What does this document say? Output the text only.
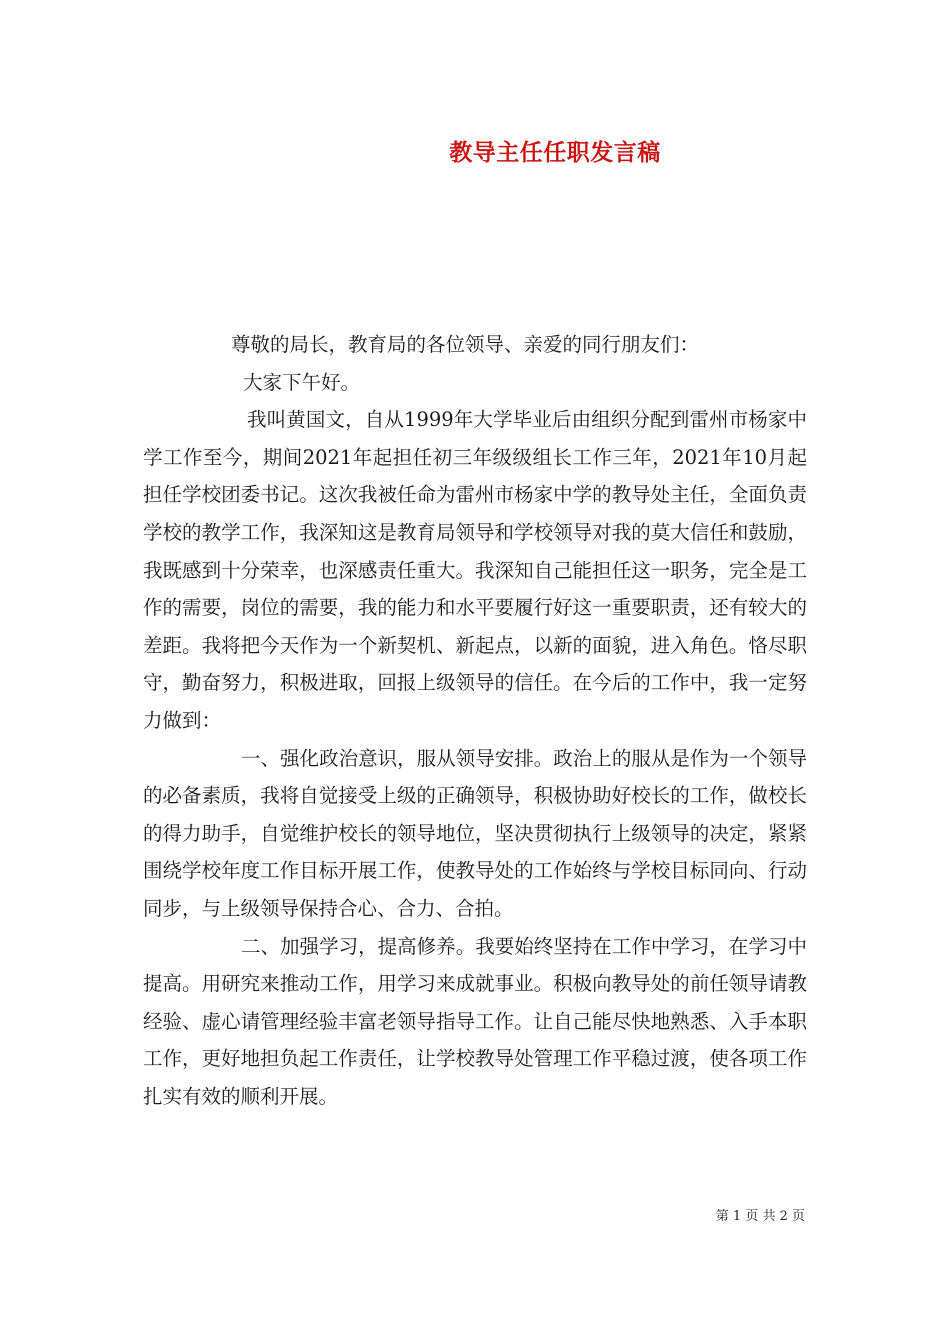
教导主任任职发言稿

尊敬的局长，教育局的各位领导、亲爱的同行朋友们：

大家下午好。

我叫黄国文，自从1999年大学毕业后由组织分配到雷州市杨家中学工作至今，期间2021年起担任初三年级级组长工作三年，2021年10月起担任学校团委书记。这次我被任命为雷州市杨家中学的教导处主任，全面负责学校的教学工作，我深知这是教育局领导和学校领导对我的莫大信任和鼓励，我既感到十分荣幸，也深感责任重大。我深知自己能担任这一职务，完全是工作的需要，岗位的需要，我的能力和水平要履行好这一重要职责，还有较大的差距。我将把今天作为一个新契机、新起点，以新的面貌，进入角色。恪尽职守，勤奋努力，积极进取，回报上级领导的信任。在今后的工作中，我一定努力做到：

一、强化政治意识，服从领导安排。政治上的服从是作为一个领导的必备素质，我将自觉接受上级的正确领导，积极协助好校长的工作，做校长的得力助手，自觉维护校长的领导地位，坚决贯彻执行上级领导的决定，紧紧围绕学校年度工作目标开展工作，使教导处的工作始终与学校目标同向、行动同步，与上级领导保持合心、合力、合拍。

二、加强学习，提高修养。我要始终坚持在工作中学习，在学习中提高。用研究来推动工作，用学习来成就事业。积极向教导处的前任领导请教经验、虚心请管理经验丰富老领导指导工作。让自己能尽快地熟悉、入手本职工作，更好地担负起工作责任，让学校教导处管理工作平稳过渡，使各项工作扎实有效的顺利开展。

第 1 页 共 2 页
